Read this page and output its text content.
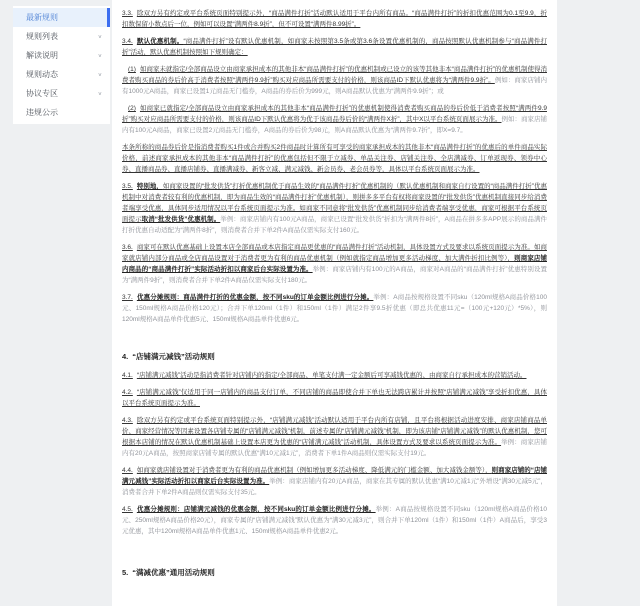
最新规则
规则列表	∨
解读说明	∨
规则动态	∨
协议专区	∨
违规公示

3.3. 除双方另有约定或平台系统页面特别提示外，“商品满件打折”活动默认适用于平台内所有商品。“商品满件打折”的折扣优惠范围为0.1至9.9，折扣数保留小数点后一位，例如可以设置“满两件8.9折”，但不可设置“满两件8.99折”。

3.4. 默认优惠机制。“商品满件打折”设有默认优惠机制，如商家未按照第3.5条或第3.6条设置优惠机制的，商品按照默认优惠机制参与“商品满件打折”活动，默认优惠机制按照如下规则确定：

(1) 如商家未就指定/全部商品设立由商家承担成本的其他非本“商品满件打折”的优惠机制或已设立的该等其他非本“商品满件打折”的优惠机制使得消费者购买商品的券后价高于消费者按照“满两件9.9折”购买对应商品所需要支付的价格，则该商品ID下默认优惠将为“满两件9.9折”。例如：商家店铺内有1000元A商品，商家已设置1元商品无门槛券，A商品的券后价为999元，则A商品默认优惠为“满两件9.9折”；或

(2) 如商家已就指定/全部商品设立由商家承担成本的其他非本“商品满件打折”的优惠机制使得消费者购买商品的券后价低于消费者按照“满两件9.9折”购买对应商品所需要支付的价格，则该商品ID下默认优惠将为优于该商品券后价的“满两件X折”，其中X以平台系统页面展示为准。例如：商家店铺内有100元A商品，商家已设置2元商品无门槛券，A商品的券后价为98元，则A商品默认优惠为“满两件9.7折”，即X=9.7。

本条所称的商品券后价是指消费者购买1件或合并购买2件商品时计算所有可享受的商家承担成本的其他非本“商品满件打折”的优惠后的单件商品实际价格，前述商家承担成本的其他非本“商品满件打折”的优惠包括但不限于立减券、单品关注券、店铺关注券、全店满减券、订单返现券、领券中心券、直播商品券、直播店铺券、直播满减券、新客立减、满元减钱、新会员券、老会员券等，具体以平台系统页面展示为准。

3.5. 特别地，如商家设置的“批发供货”打折优惠机制优于商品生效的“商品满件打折”优惠机制的（默认优惠机制和商家自行设置的“商品满件打折”优惠机制中对消费者较有利的优惠机制，即为商品生效的“商品满件打折”优惠机制），则拼多多平台有权将商家设置的“批发供货”优惠机制直接同步给消费者端享受优惠，具体同步适用情况以平台系统页面提示为准。如商家不同意将“批发供货”优惠机制同步给消费者端享受优惠，商家可根据平台系统页面提示取消“批发供货”优惠机制。举例：商家店铺内有100元A商品，商家已设置“批发供货”折扣为“满两件8折”，A商品在拼多多APP展示的商品满件打折优惠自动适配为“满两件8折”，则消费者合并下单2件A商品仅需实际支付160元。

3.6. 商家可在默认优惠基础上设置本店全部商品或本店指定商品更优惠的“商品满件打折”活动机制，具体设置方式及要求以系统页面提示为准。如商家就店铺内部分商品或全店商品设置对于消费者更为有利的商品优惠机制（例如就指定商品增加更多活动梯度、加大满件折扣比例等），则商家店铺内商品的“商品满件打折”实际活动折扣以商家后台实际设置为准。举例：商家店铺内有100元的A商品，商家对A商品的“商品满件打折”优惠特别设置为“满两件9折”，则消费者合并下单2件A商品仅需实际支付180元。

3.7. 优惠分摊规则：商品满件打折的优惠金额，按不同sku的订单金额比例进行分摊。举例：A商品按规格设置不同sku（120ml规格A商品价格100元、150ml规格A商品价格120元）；合并下单120ml（1件）和150ml（1件）满足2件享9.5折优惠（即总共优惠11元=（100元+120元）*5%），则120ml规格A商品单件优惠5元、150ml规格A商品单件优惠6元。

4. “店铺满元减钱”活动规则

4.1. “店铺满元减钱”活动是指消费者针对店铺内的指定/全部商品、单笔支付满一定金额后可享减钱优惠的、由商家自行承担成本的营销活动。

4.2. “店铺满元减钱”仅适用于同一店铺内的商品支付订单，不同店铺的商品即使合并下单也无法跨店累计并按照“店铺满元减钱”享受折扣优惠，具体以平台系统页面提示为准。

4.3. 除双方另有约定或平台系统页面特别提示外，“店铺满元减钱”活动默认适用于平台内所有店铺，且平台将根据活动进度安排、商家店铺商品单价、商家经营情况等因素设置各店铺专属的“店铺满元减钱”机制，前述专属的“店铺满元减钱”机制，即为该店铺“店铺满元减钱”的默认优惠机制，您可根据本店铺的情况在默认优惠机制基础上设置本店更为优惠的“店铺满元减钱”活动机制，具体设置方式及要求以系统页面提示为准。举例：商家店铺内有20元A商品，按照商家店铺专属的默认优惠“满10元减1元”，消费者下单1件A商品则仅需实际支付19元。

4.4. 如商家就店铺设置对于消费者更为有利的商品优惠机制（例如增加更多活动梯度、降低满元的门槛金额、加大减钱金额等），则商家店铺的“店铺满元减钱”实际活动折扣以商家后台实际设置为准。举例：商家店铺内有20元A商品，商家在其专属的默认优惠“满10元减1元”外增设“满30元减5元”，消费者合并下单2件A商品则仅需实际支付35元。

4.5. 优惠分摊规则：店铺满元减钱的优惠金额，按不同sku的订单金额比例进行分摊。举例：A商品按规格设置不同sku（120ml规格A商品价格10元、250ml规格A商品价格20元），商家专属的“店铺满元减钱”默认优惠为“满30元减3元”，则合并下单120ml（1件）和150ml（1件）A商品后，享受3元优惠，其中120ml规格A商品单件优惠1元、150ml规格A商品单件优惠2元。

5. “满减优惠”通用活动规则
